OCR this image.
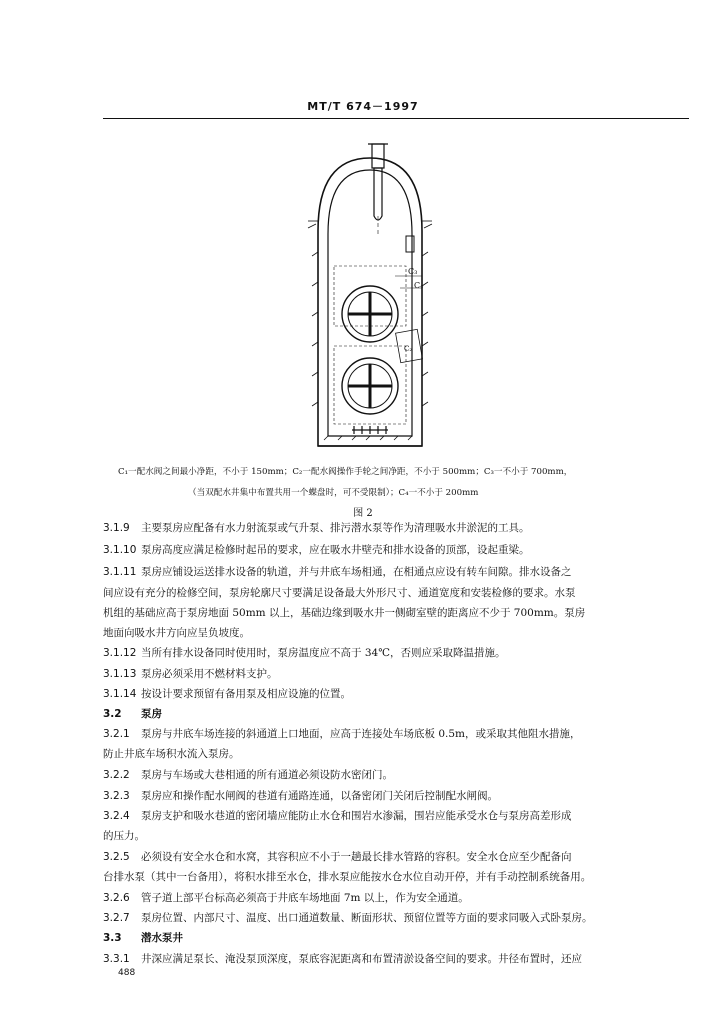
MT/T 674－1997
C₃
C₄
C₂
C₁一配水阀之间最小净距，不小于 150mm；C₂一配水阀操作手轮之间净距，不小于 500mm；C₃一不小于 700mm，
（当双配水井集中布置共用一个蝶盘时，可不受限制）；C₄一不小于 200mm
图 2
3.1.9 主要泵房应配备有水力射流泵或气升泵、排污潜水泵等作为清理吸水井淤泥的工具。
3.1.10 泵房高度应满足检修时起吊的要求，应在吸水井壁壳和排水设备的顶部，设起重梁。
3.1.11 泵房应铺设运送排水设备的轨道，并与井底车场相通，在相通点应设有转车间隙。排水设备之
间应设有充分的检修空间，泵房轮廓尺寸要满足设备最大外形尺寸、通道宽度和安装检修的要求。水泵
机组的基础应高于泵房地面 50mm 以上，基础边缘到吸水井一侧砌室壁的距离应不少于 700mm。泵房
地面向吸水井方向应呈负坡度。
3.1.12 当所有排水设备同时使用时，泵房温度应不高于 34℃，否则应采取降温措施。
3.1.13 泵房必须采用不燃材料支护。
3.1.14 按设计要求预留有备用泵及相应设施的位置。
3.2 泵房
3.2.1 泵房与井底车场连接的斜通道上口地面，应高于连接处车场底板 0.5m，或采取其他阻水措施，
防止井底车场积水流入泵房。
3.2.2 泵房与车场或大巷相通的所有通道必须设防水密闭门。
3.2.3 泵房应和操作配水闸阀的巷道有通路连通，以备密闭门关闭后控制配水闸阀。
3.2.4 泵房支护和吸水巷道的密闭墙应能防止水仓和围岩水渗漏，围岩应能承受水仓与泵房高差形成
的压力。
3.2.5 必须设有安全水仓和水窝，其容积应不小于一趟最长排水管路的容积。安全水仓应至少配备向
台排水泵（其中一台备用），将积水排至水仓，排水泵应能按水仓水位自动开停，并有手动控制系统备用。
3.2.6 管子道上部平台标高必须高于井底车场地面 7m 以上，作为安全通道。
3.2.7 泵房位置、内部尺寸、温度、出口通道数量、断面形状、预留位置等方面的要求同吸入式卧泵房。
3.3 潜水泵井
3.3.1 井深应满足泵长、淹没泵顶深度，泵底容泥距离和布置清淤设备空间的要求。井径布置时，还应
488
